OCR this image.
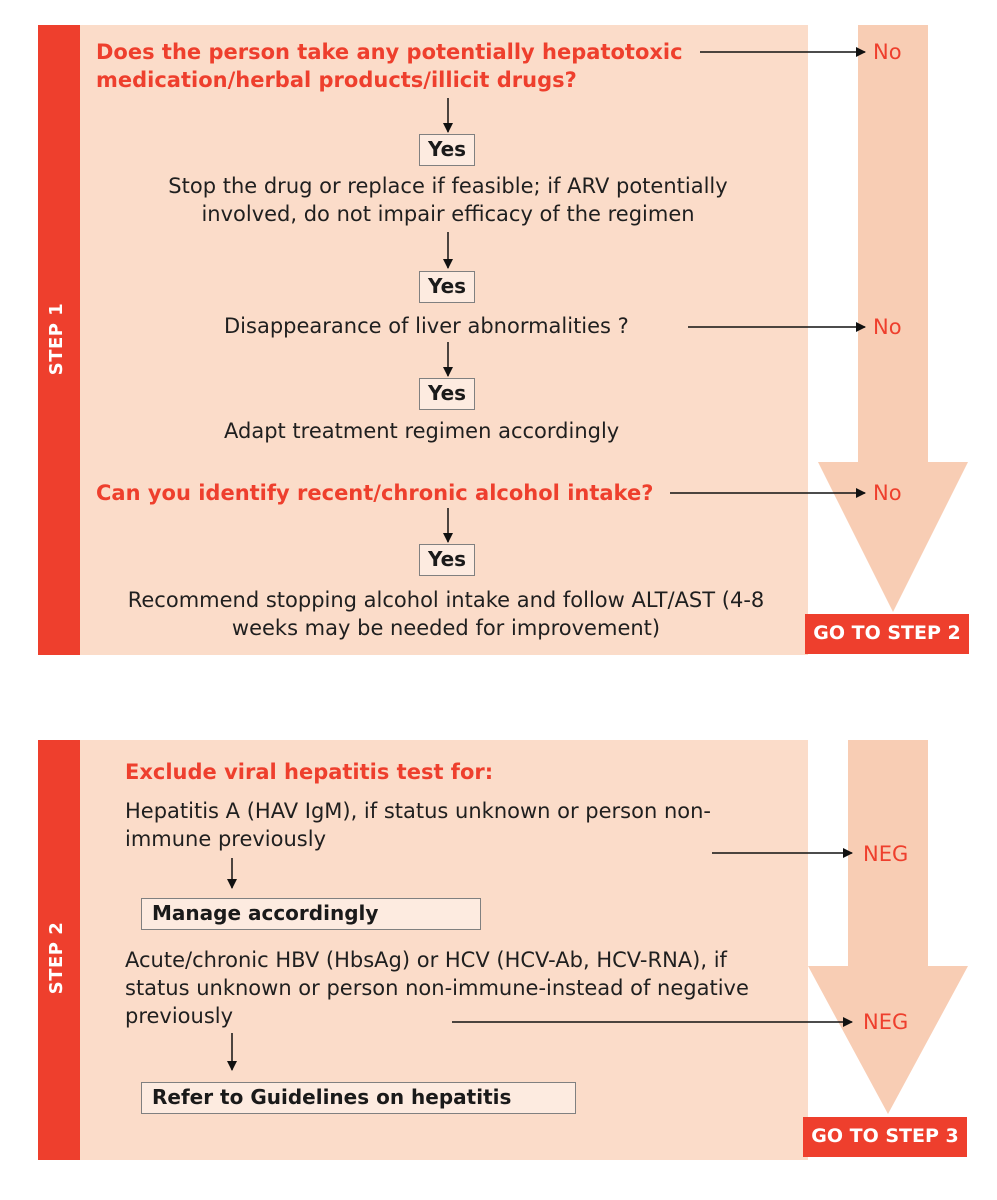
STEP 1
STEP 2
Does the person take any potentially hepatotoxic medication/herbal products/illicit drugs?
No
Yes
Stop the drug or replace if feasible; if ARV potentially involved, do not impair efficacy of the regimen
Yes
Disappearance of liver abnormalities ?	No
Yes
Adapt treatment regimen accordingly
Can you identify recent/chronic alcohol intake?	No
Yes
Recommend stopping alcohol intake and follow ALT/AST (4-8 weeks may be needed for improvement)	GO TO STEP 2
Exclude viral hepatitis test for:
Hepatitis A (HAV IgM), if status unknown or person non-immune previously
NEG
Manage accordingly
Acute/chronic HBV (HbsAg) or HCV (HCV-Ab, HCV-RNA), if status unknown or person non-immune-instead of negative previously	NEG
Refer to Guidelines on hepatitis
GO TO STEP 3
